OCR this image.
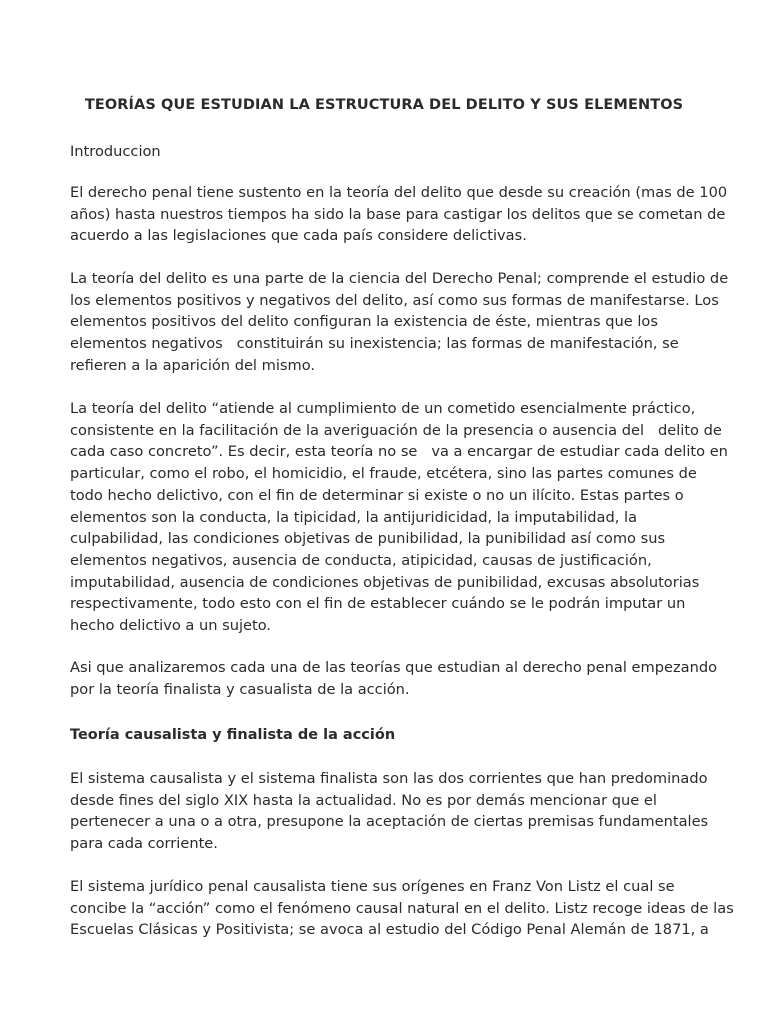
TEORÍAS QUE ESTUDIAN LA ESTRUCTURA DEL DELITO Y SUS ELEMENTOS
Introduccion
El derecho penal tiene sustento en la teoría del delito que desde su creación (mas de 100
años) hasta nuestros tiempos ha sido la base para castigar los delitos que se cometan de
acuerdo a las legislaciones que cada país considere delictivas.
La teoría del delito es una parte de la ciencia del Derecho Penal; comprende el estudio de
los elementos positivos y negativos del delito, así como sus formas de manifestarse. Los
elementos positivos del delito configuran la existencia de éste, mientras que los
elementos negativos   constituirán su inexistencia; las formas de manifestación, se
refieren a la aparición del mismo.
La teoría del delito “atiende al cumplimiento de un cometido esencialmente práctico,
consistente en la facilitación de la averiguación de la presencia o ausencia del   delito de
cada caso concreto”. Es decir, esta teoría no se   va a encargar de estudiar cada delito en
particular, como el robo, el homicidio, el fraude, etcétera, sino las partes comunes de
todo hecho delictivo, con el fin de determinar si existe o no un ilícito. Estas partes o
elementos son la conducta, la tipicidad, la antijuridicidad, la imputabilidad, la
culpabilidad, las condiciones objetivas de punibilidad, la punibilidad así como sus
elementos negativos, ausencia de conducta, atipicidad, causas de justificación,
imputabilidad, ausencia de condiciones objetivas de punibilidad, excusas absolutorias
respectivamente, todo esto con el fin de establecer cuándo se le podrán imputar un
hecho delictivo a un sujeto.
Asi que analizaremos cada una de las teorías que estudian al derecho penal empezando
por la teoría finalista y casualista de la acción.
Teoría causalista y finalista de la acción
El sistema causalista y el sistema finalista son las dos corrientes que han predominado
desde fines del siglo XIX hasta la actualidad. No es por demás mencionar que el
pertenecer a una o a otra, presupone la aceptación de ciertas premisas fundamentales
para cada corriente.
El sistema jurídico penal causalista tiene sus orígenes en Franz Von Listz el cual se
concibe la “acción” como el fenómeno causal natural en el delito. Listz recoge ideas de las
Escuelas Clásicas y Positivista; se avoca al estudio del Código Penal Alemán de 1871, a
